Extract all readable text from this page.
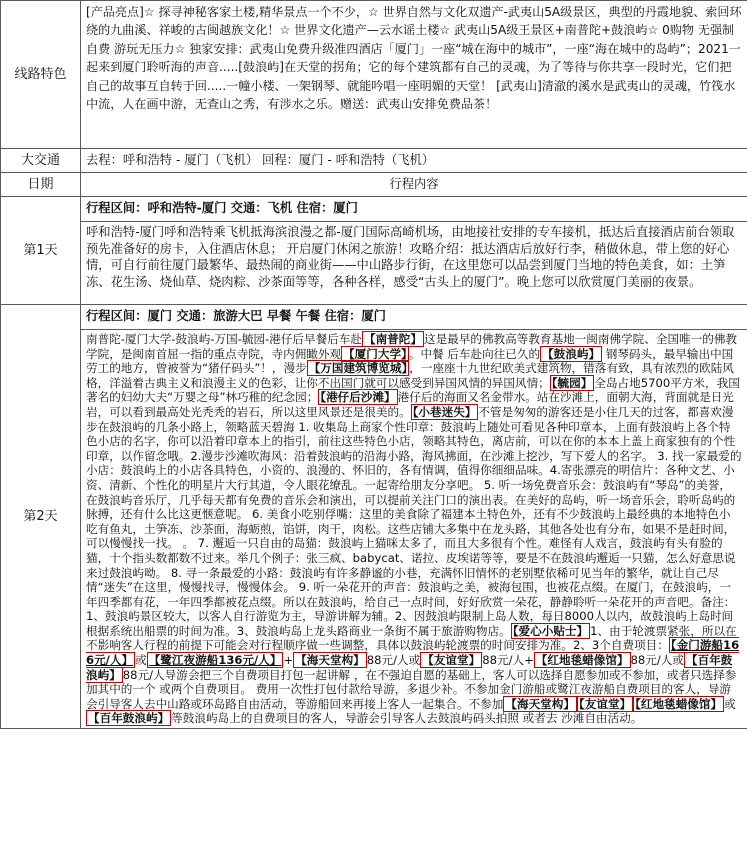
线路特色	[产品亮点]☆ 探寻神秘客家土楼,精华景点一个不少，☆ 世界自然与文化双遗产-武夷山5A级景区，典型的丹霞地貌、索回环绕的九曲溪、祥峻的古闽越族文化！☆ 世界文化遗产—云水谣土楼☆ 武夷山5A级王景区+南普陀+鼓浪屿☆ 0购物 无强制自费 游玩无压力☆ 独家安排：武夷山免费升级准四酒店「厦门」一座“城在海中的城市”，一座“海在城中的岛屿”；2021一起来到厦门聆听海的声音.....[鼓浪屿]在天堂的拐角；它的每个建筑都有自己的灵魂，为了等待与你共享一段时光，它们把自己的故事互自转于回.....一幢小楼、一架钢琴、就能吟唱一座明媚的天堂！ [武夷山]清澈的溪水是武夷山的灵魂，竹筏水中流，人在画中游，无查山之秀，有涉水之乐。赠送：武夷山安排免费品茶！
大交通	去程：呼和浩特 - 厦门（飞机） 回程：厦门 - 呼和浩特（飞机）
日期	行程内容
第1天	行程区间：呼和浩特-厦门 交通：飞机 住宿：厦门
	呼和浩特-厦门呼和浩特乘飞机抵海滨浪漫之都-厦门国际高崎机场，由地接社安排的专车接机，抵达后直接酒店前台领取预先准备好的房卡，入住酒店休息； 开启厦门休闲之旅游！攻略介绍：抵达酒店后放好行李，稍做休息，带上您的好心情，可自行前往厦门最繁华、最热闹的商业街——中山路步行街，在这里您可以品尝到厦门当地的特色美食，如：土笋冻、花生汤、烧仙草、烧肉粽、沙茶面等等，各种各样，感受“古头上的厦门”。晚上您可以欣赏厦门美丽的夜景。
第2天	行程区间：厦门 交通：旅游大巴 早餐 午餐 住宿：厦门
	南普陀-厦门大学-鼓浪屿-万国-毓园-港仔后早餐后车赴 【南普陀】 这是最早的佛教高等教育基地一闽南佛学院、全国唯一的佛教学院，是闽南首屈一指的重点寺院，寺内佣瞰外观 【厦门大学】 。中餐 后车赴向往已久的 【鼓浪屿】 钢琴码头，最早输出中国劳工的地方，曾被誉为“猪仔码头”！，漫步 【万国建筑博览城】 ，一座座十九世纪欧美式建筑物，错落有致，具有浓烈的欧陆风格，洋溢着古典主义和浪漫主义的色彩，让你不出国门就可以感受到异国风情的异国风情； 【毓园】 全岛占地5700平方米，我国著名的妇幼大夫“万婴之母”林巧稚的纪念园； 【港仔后沙滩】 港仔后的海面又名金带水。站在沙滩上，面朝大海，背面就是日光岩，可以看到最高处光秃秃的岩石，所以这里风景还是很美的。 【小巷迷失】 不管是匆匆的游客还是小住几天的过客，都喜欢漫步在鼓浪屿的几条小路上，领略蓝天碧海 1. 收集岛上商家个性印章：鼓浪屿上随处可看见各种印章本，上面有鼓浪屿上各个特色小店的名字，你可以沿着印章本上的指引，前往这些特色小店，领略其特色，离店前，可以在你的本本上盖上商家独有的个性印章，以作留念哦。2.漫步沙滩吹海风：沿着鼓浪屿的沿海小路，海风拂面，在沙滩上挖沙，写下爱人的名字。 3. 找一家最爱的小店：鼓浪屿上的小店各具特色，小资的、浪漫的、怀旧的，各有情调，值得你细细品味。4.寄张漂亮的明信片：各种文艺、小资、清新、个性化的明星片大行其道，令人眼花缭乱。一起寄给朋友分享吧。 5. 听一场免费音乐会：鼓浪屿有“琴岛”的美誉，在鼓浪屿音乐厅，几乎每天都有免费的音乐会和演出，可以提前关注门口的演出表。在美好的岛屿，听一场音乐会，聆听岛屿的脉搏，还有什么比这更惬意呢。 6. 美食小吃别俘嘴：这里的美食除了福建本土特色外，还有不少鼓浪屿上最经典的本地特色小吃有鱼丸，土笋冻、沙茶面，海蛎煎，馅饼，肉干，肉松。这些店铺大多集中在龙头路，其他各处也有分布，如果不是赶时间，可以慢慢找一找。 。 7. 邂逅一只自由的岛猫：鼓浪屿上猫咪太多了，而且大多很有个性。难怪有人戏言，鼓浪屿有头有脸的猫，十个指头数都数不过来。举几个例子：张三疯、babycat、诺拉、皮埃诺等等，要是不在鼓浪屿邂逅一只猫，怎么好意思说来过鼓浪屿呦。 8. 寻一条最爱的小路：鼓浪屿有许多静谧的小巷，充满怀旧情怀的老别墅依稀可见当年的繁华，就让自己尽情“迷失”在这里，慢慢找寻，慢慢体会。 9. 听一朵花开的声音：鼓浪屿之美，被海包围，也被花点缀。在厦门，在鼓浪屿，一年四季都有花，一年四季都被花点缀。所以在鼓浪屿，给自己一点时间，好好欣赏一朵花，静静聆听一朵花开的声音吧。备注： 1、鼓浪屿景区较大，以客人自行游览为主，导游讲解为辅。2、因鼓浪屿限制上岛人数，每日8000人以内，故鼓浪屿上岛时间根据系统出船票的时间为准。3、鼓浪屿岛上龙头路商业一条街不属于旅游购物店。 【爱心小贴士】 1、由于轮渡票紧张，所以在不影响客人行程的前提下可能会对行程顺序做一些调整，具体以鼓浪屿轮渡票的时间安排为准。2、3个自费项目： 【金门游船166元/人】 或 【鹭江夜游船136元/人】 + 【海天堂构】 88元/人或 【友谊堂】 88元/人+ 【红地毯蜡像馆】 88元/人或 【百年鼓浪屿】 88元/人导游会把三个自费项目打包一起讲解 ，在不强迫自愿的基础上，客人可以选择自愿参加或不参加，或者只选择参加其中的一个 或两个自费项目。 费用一次性打包付款给导游，多退少补。不参加金门游船或鹭江夜游船自费项目的客人，导游会引导客人去中山路或环岛路自由活动，等游船回来再接上客人一起集合。不参加 【海天堂构】 【友谊堂】 【红地毯蜡像馆】 或【百年鼓浪屿】 等鼓浪屿岛上的自费项目的客人，导游会引导客人去鼓浪屿码头拍照 或者去 沙滩自由活动。
